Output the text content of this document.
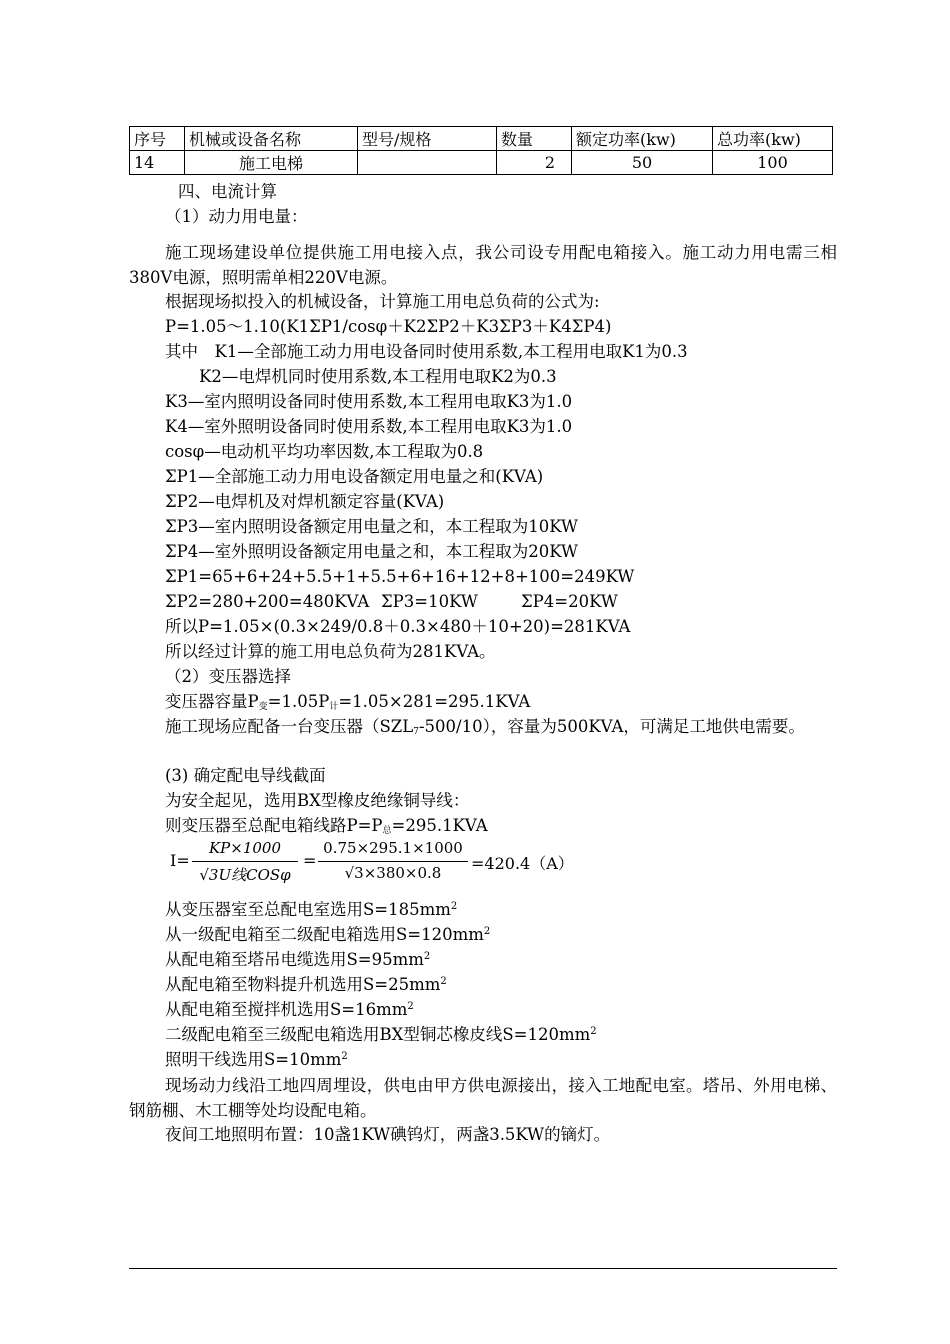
序号	机械或设备名称	型号/规格	数量	额定功率(kw)	总功率(kw)
14	施工电梯		2	50	100
四、电流计算
（1）动力用电量：
施工现场建设单位提供施工用电接入点，我公司设专用配电箱接入。施工动力用电需三相380V电源，照明需单相220V电源。
根据现场拟投入的机械设备，计算施工用电总负荷的公式为:
P=1.05～1.10(K1ΣP1/cosφ＋K2ΣP2＋K3ΣP3＋K4ΣP4)
其中　K1—全部施工动力用电设备同时使用系数,本工程用电取K1为0.3
K2—电焊机同时使用系数,本工程用电取K2为0.3
K3—室内照明设备同时使用系数,本工程用电取K3为1.0
K4—室外照明设备同时使用系数,本工程用电取K3为1.0
cosφ—电动机平均功率因数,本工程取为0.8
ΣP1—全部施工动力用电设备额定用电量之和(KVA)
ΣP2—电焊机及对焊机额定容量(KVA)
ΣP3—室内照明设备额定用电量之和，本工程取为10KW
ΣP4—室外照明设备额定用电量之和，本工程取为20KW
ΣP1=65+6+24+5.5+1+5.5+6+16+12+8+100=249KW
ΣP2=280+200=480KVA ΣP3=10KW	ΣP4=20KW
所以P=1.05×(0.3×249/0.8＋0.3×480＋10+20)=281KVA
所以经过计算的施工用电总负荷为281KVA。
（2）变压器选择
变压器容量$P_变=1.05P_计=1.05\times 281=295.1KVA$
施工现场应配备一台变压器$(SZL_7-500/10)$，容量为500KVA，可满足工地供电需要。
(3) 确定配电导线截面
为安全起见，选用BX型橡皮绝缘铜导线：
则变压器至总配电箱线路$P=P_总=295.1KVA$
I=
KP×1000
√3U线COSφ
=
0.75×295.1×1000
√3×380×0.8	=420.4（A）
从变压器室至总配电室选用$S=185mm^2$
从一级配电箱至二级配电箱选用$S=120mm^2$
从配电箱至塔吊电缆选用$S=95mm^2$
从配电箱至物料提升机选用$S=25mm^2$
从配电箱至搅拌机选用$S=16mm^2$
二级配电箱至三级配电箱选用BX型铜芯橡皮线$S=120mm^2$
照明干线选用$S=10mm^2$
现场动力线沿工地四周埋设，供电由甲方供电源接出，接入工地配电室。塔吊、外用电梯、钢筋棚、木工棚等处均设配电箱。
夜间工地照明布置：10盏1KW碘钨灯，两盏3.5KW的镝灯。
